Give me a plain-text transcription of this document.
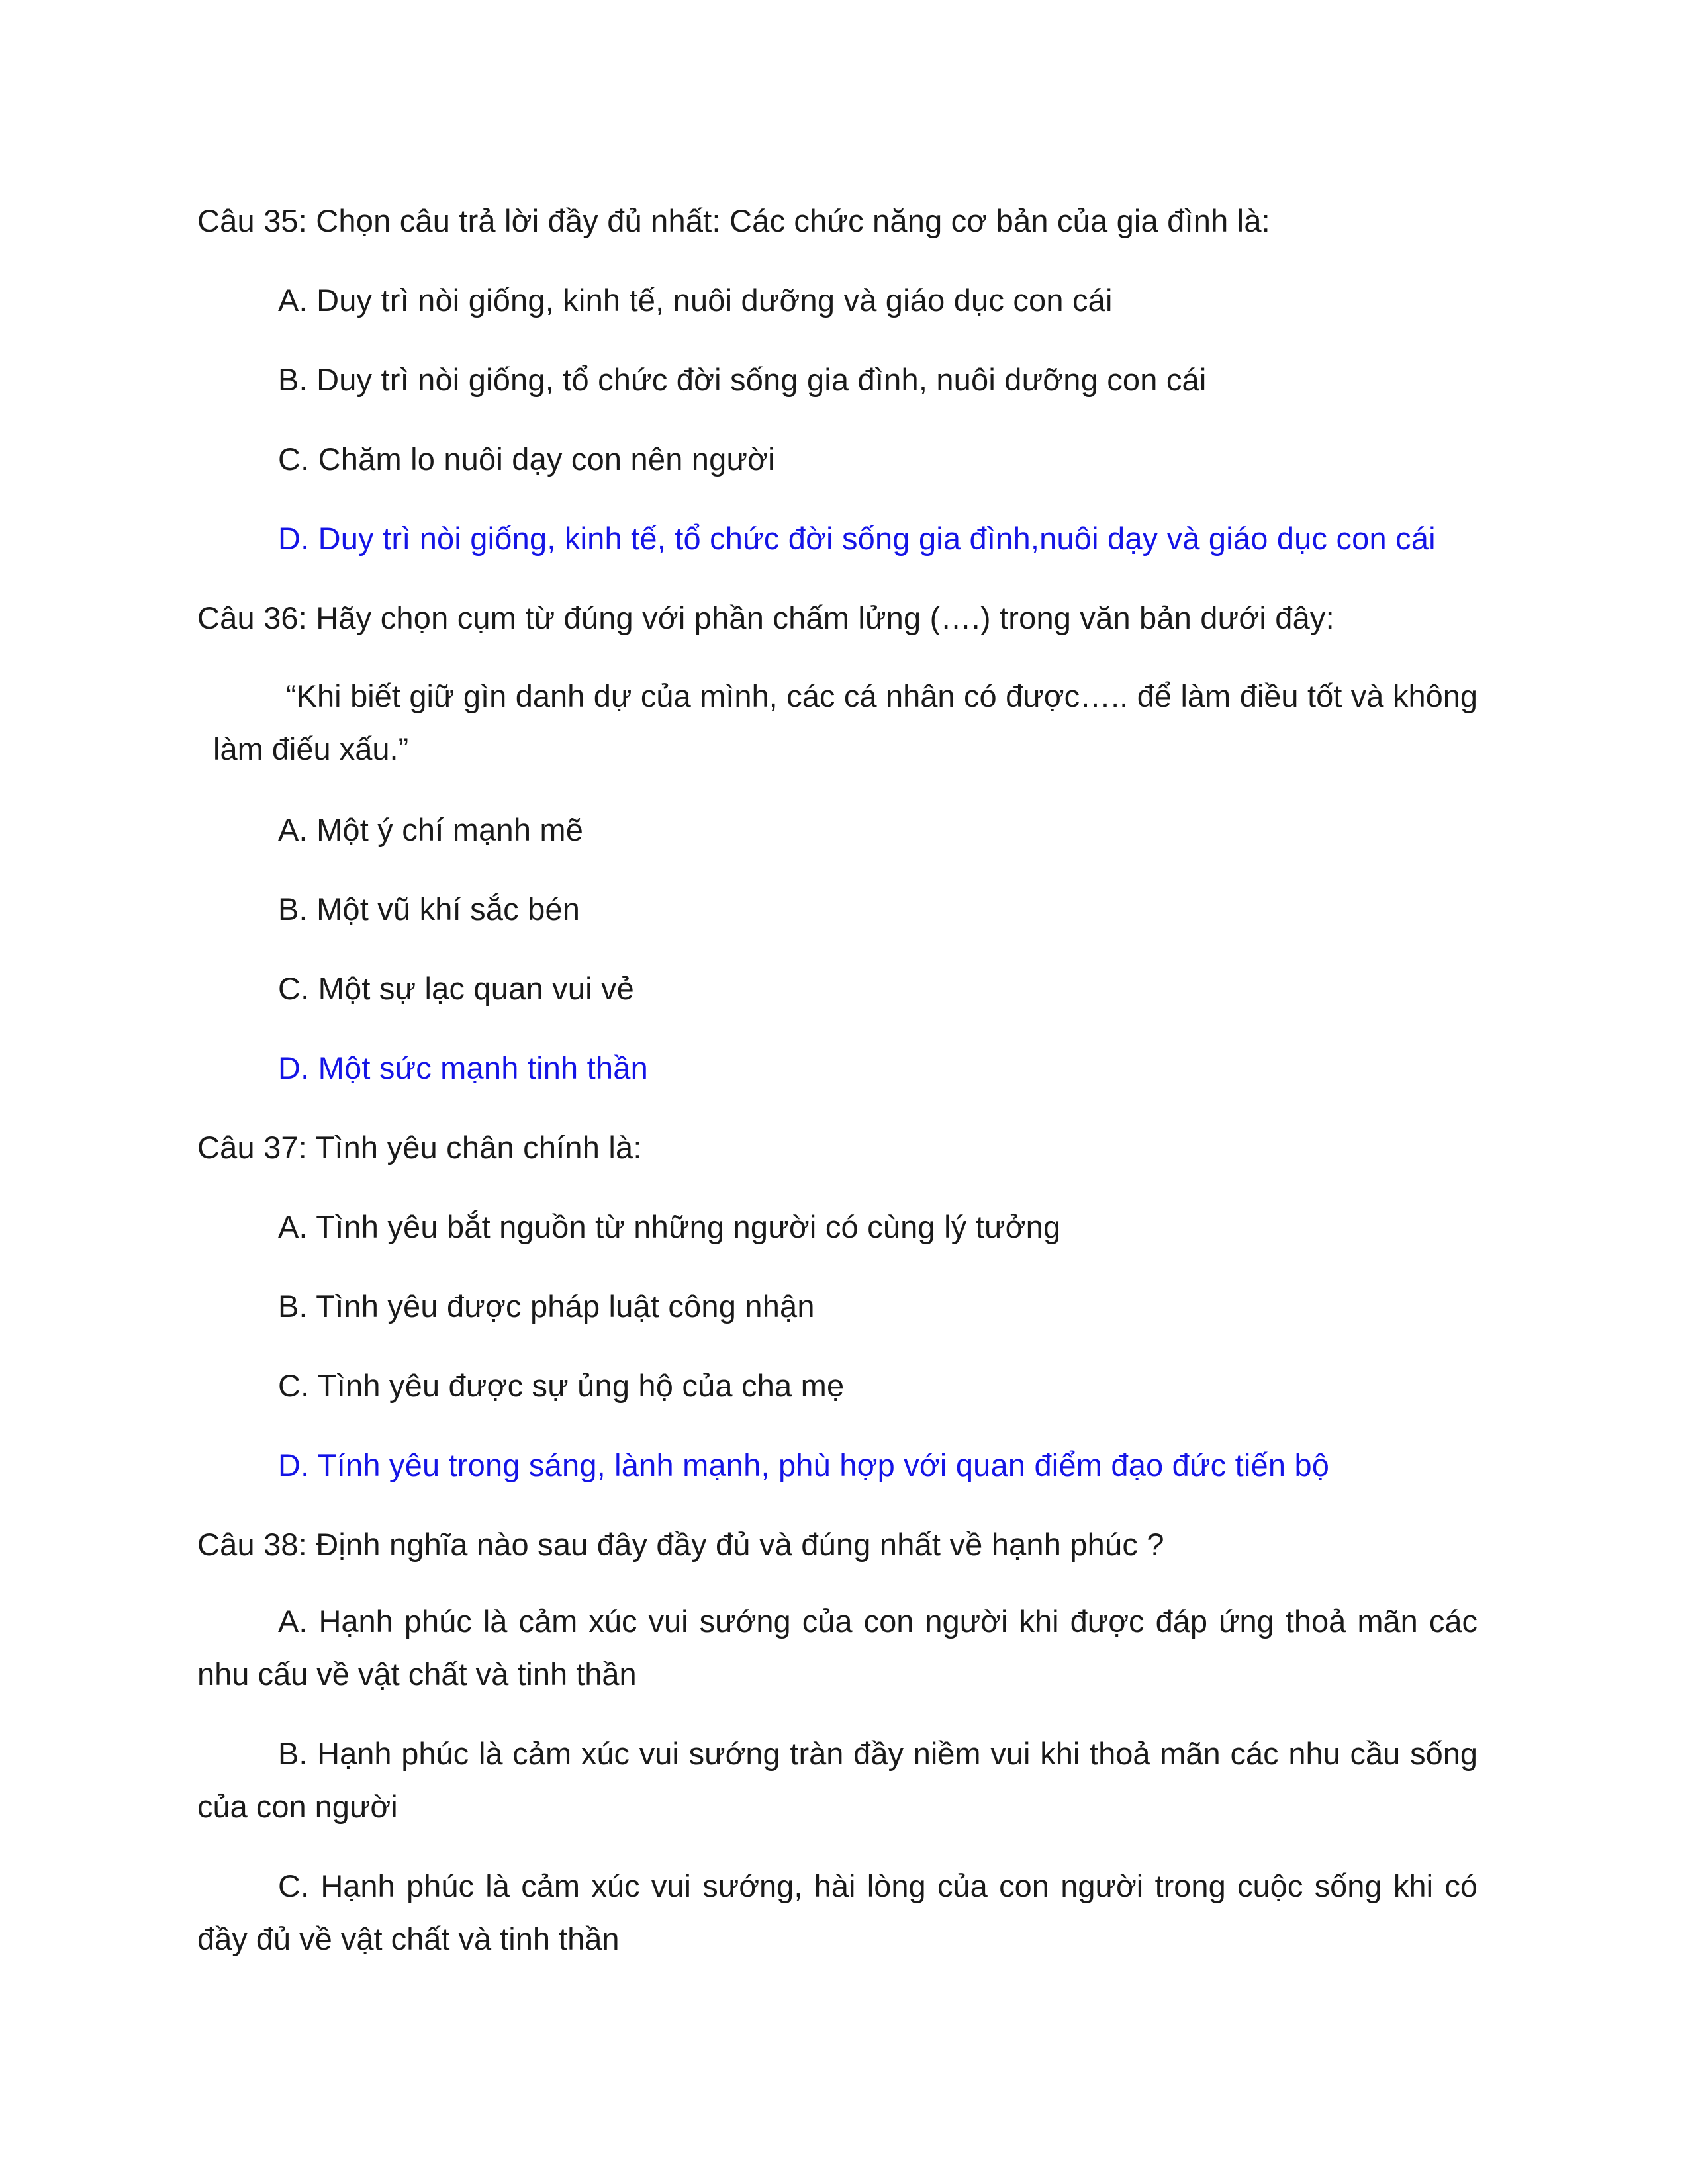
Câu 35: Chọn câu trả lời đầy đủ nhất: Các chức năng cơ bản của gia đình là:
A. Duy trì nòi giống, kinh tế, nuôi dưỡng và giáo dục con cái
B. Duy trì nòi giống, tổ chức đời sống gia đình, nuôi dưỡng con cái
C. Chăm lo nuôi dạy con nên người
D. Duy trì nòi giống, kinh tế, tổ chức đời sống gia đình,nuôi dạy và giáo dục con cái
Câu 36: Hãy chọn cụm từ đúng với phần chấm lửng (….) trong văn bản dưới đây:
“Khi biết giữ gìn danh dự của mình, các cá nhân có được….. để làm điều tốt và không làm điếu xấu.”
A. Một ý chí mạnh mẽ
B. Một vũ khí sắc bén
C. Một sự lạc quan vui vẻ
D. Một sức mạnh tinh thần
Câu 37: Tình yêu chân chính là:
A. Tình yêu bắt nguồn từ những người có cùng lý tưởng
B. Tình yêu được pháp luật công nhận
C. Tình yêu được sự ủng hộ của cha mẹ
D. Tính yêu trong sáng, lành mạnh, phù hợp với quan điểm đạo đức tiến bộ
Câu 38: Định nghĩa nào sau đây đầy đủ và đúng nhất về hạnh phúc ?
A. Hạnh phúc là cảm xúc vui sướng của con người khi được đáp ứng thoả mãn các nhu cấu về vật chất và tinh thần
B. Hạnh phúc là cảm xúc vui sướng tràn đầy niềm vui khi thoả mãn các nhu cầu sống của con người
C. Hạnh phúc là cảm xúc vui sướng, hài lòng của con người trong cuộc sống khi có đầy đủ về vật chất và tinh thần
